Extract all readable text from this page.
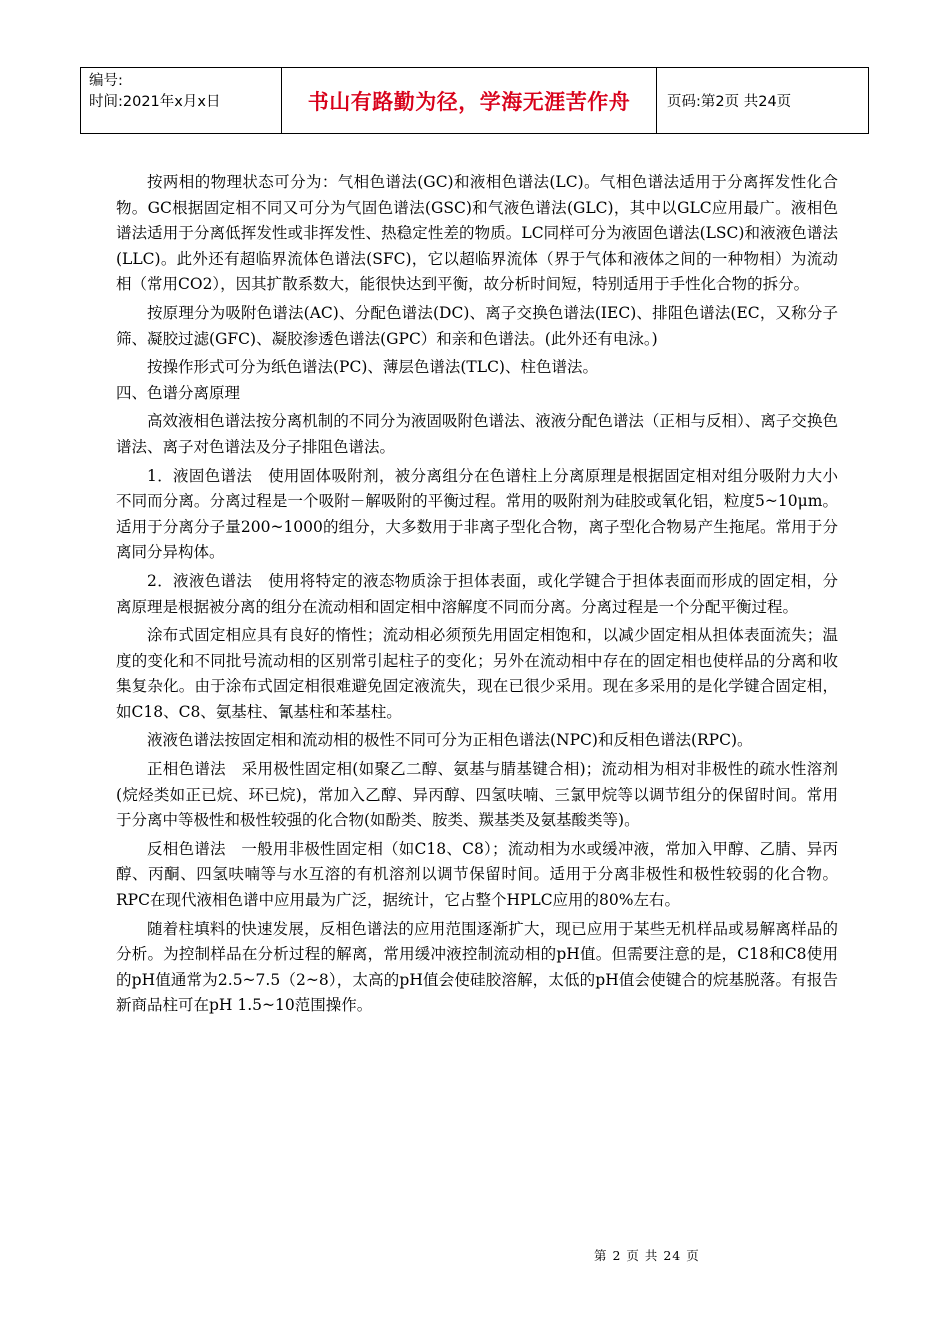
编号:
时间:2021年x月x日	书山有路勤为径，学海无涯苦作舟	页码:第2页 共24页

按两相的物理状态可分为：气相色谱法(GC)和液相色谱法(LC)。气相色谱法适用于分离挥发性化合物。GC根据固定相不同又可分为气固色谱法(GSC)和气液色谱法(GLC)，其中以GLC应用最广。液相色谱法适用于分离低挥发性或非挥发性、热稳定性差的物质。LC同样可分为液固色谱法(LSC)和液液色谱法(LLC)。此外还有超临界流体色谱法(SFC)，它以超临界流体（界于气体和液体之间的一种物相）为流动相（常用CO2），因其扩散系数大，能很快达到平衡，故分析时间短，特别适用于手性化合物的拆分。

按原理分为吸附色谱法(AC)、分配色谱法(DC)、离子交换色谱法(IEC)、排阻色谱法(EC，又称分子筛、凝胶过滤(GFC)、凝胶渗透色谱法(GPC）和亲和色谱法。(此外还有电泳。)

按操作形式可分为纸色谱法(PC)、薄层色谱法(TLC)、柱色谱法。

四、色谱分离原理

高效液相色谱法按分离机制的不同分为液固吸附色谱法、液液分配色谱法（正相与反相）、离子交换色谱法、离子对色谱法及分子排阻色谱法。

1．液固色谱法　使用固体吸附剂，被分离组分在色谱柱上分离原理是根据固定相对组分吸附力大小不同而分离。分离过程是一个吸附－解吸附的平衡过程。常用的吸附剂为硅胶或氧化铝，粒度5~10μm。适用于分离分子量200~1000的组分，大多数用于非离子型化合物，离子型化合物易产生拖尾。常用于分离同分异构体。

2．液液色谱法　使用将特定的液态物质涂于担体表面，或化学键合于担体表面而形成的固定相，分离原理是根据被分离的组分在流动相和固定相中溶解度不同而分离。分离过程是一个分配平衡过程。

涂布式固定相应具有良好的惰性；流动相必须预先用固定相饱和，以减少固定相从担体表面流失；温度的变化和不同批号流动相的区别常引起柱子的变化；另外在流动相中存在的固定相也使样品的分离和收集复杂化。由于涂布式固定相很难避免固定液流失，现在已很少采用。现在多采用的是化学键合固定相，如C18、C8、氨基柱、氰基柱和苯基柱。

液液色谱法按固定相和流动相的极性不同可分为正相色谱法(NPC)和反相色谱法(RPC)。

正相色谱法　采用极性固定相(如聚乙二醇、氨基与腈基键合相)；流动相为相对非极性的疏水性溶剂(烷烃类如正已烷、环已烷)，常加入乙醇、异丙醇、四氢呋喃、三氯甲烷等以调节组分的保留时间。常用于分离中等极性和极性较强的化合物(如酚类、胺类、羰基类及氨基酸类等)。

反相色谱法　一般用非极性固定相（如C18、C8）；流动相为水或缓冲液，常加入甲醇、乙腈、异丙醇、丙酮、四氢呋喃等与水互溶的有机溶剂以调节保留时间。适用于分离非极性和极性较弱的化合物。RPC在现代液相色谱中应用最为广泛，据统计，它占整个HPLC应用的80%左右。

随着柱填料的快速发展，反相色谱法的应用范围逐渐扩大，现已应用于某些无机样品或易解离样品的分析。为控制样品在分析过程的解离，常用缓冲液控制流动相的pH值。但需要注意的是，C18和C8使用的pH值通常为2.5~7.5（2~8），太高的pH值会使硅胶溶解，太低的pH值会使键合的烷基脱落。有报告新商品柱可在pH 1.5~10范围操作。

第 2 页 共 24 页
